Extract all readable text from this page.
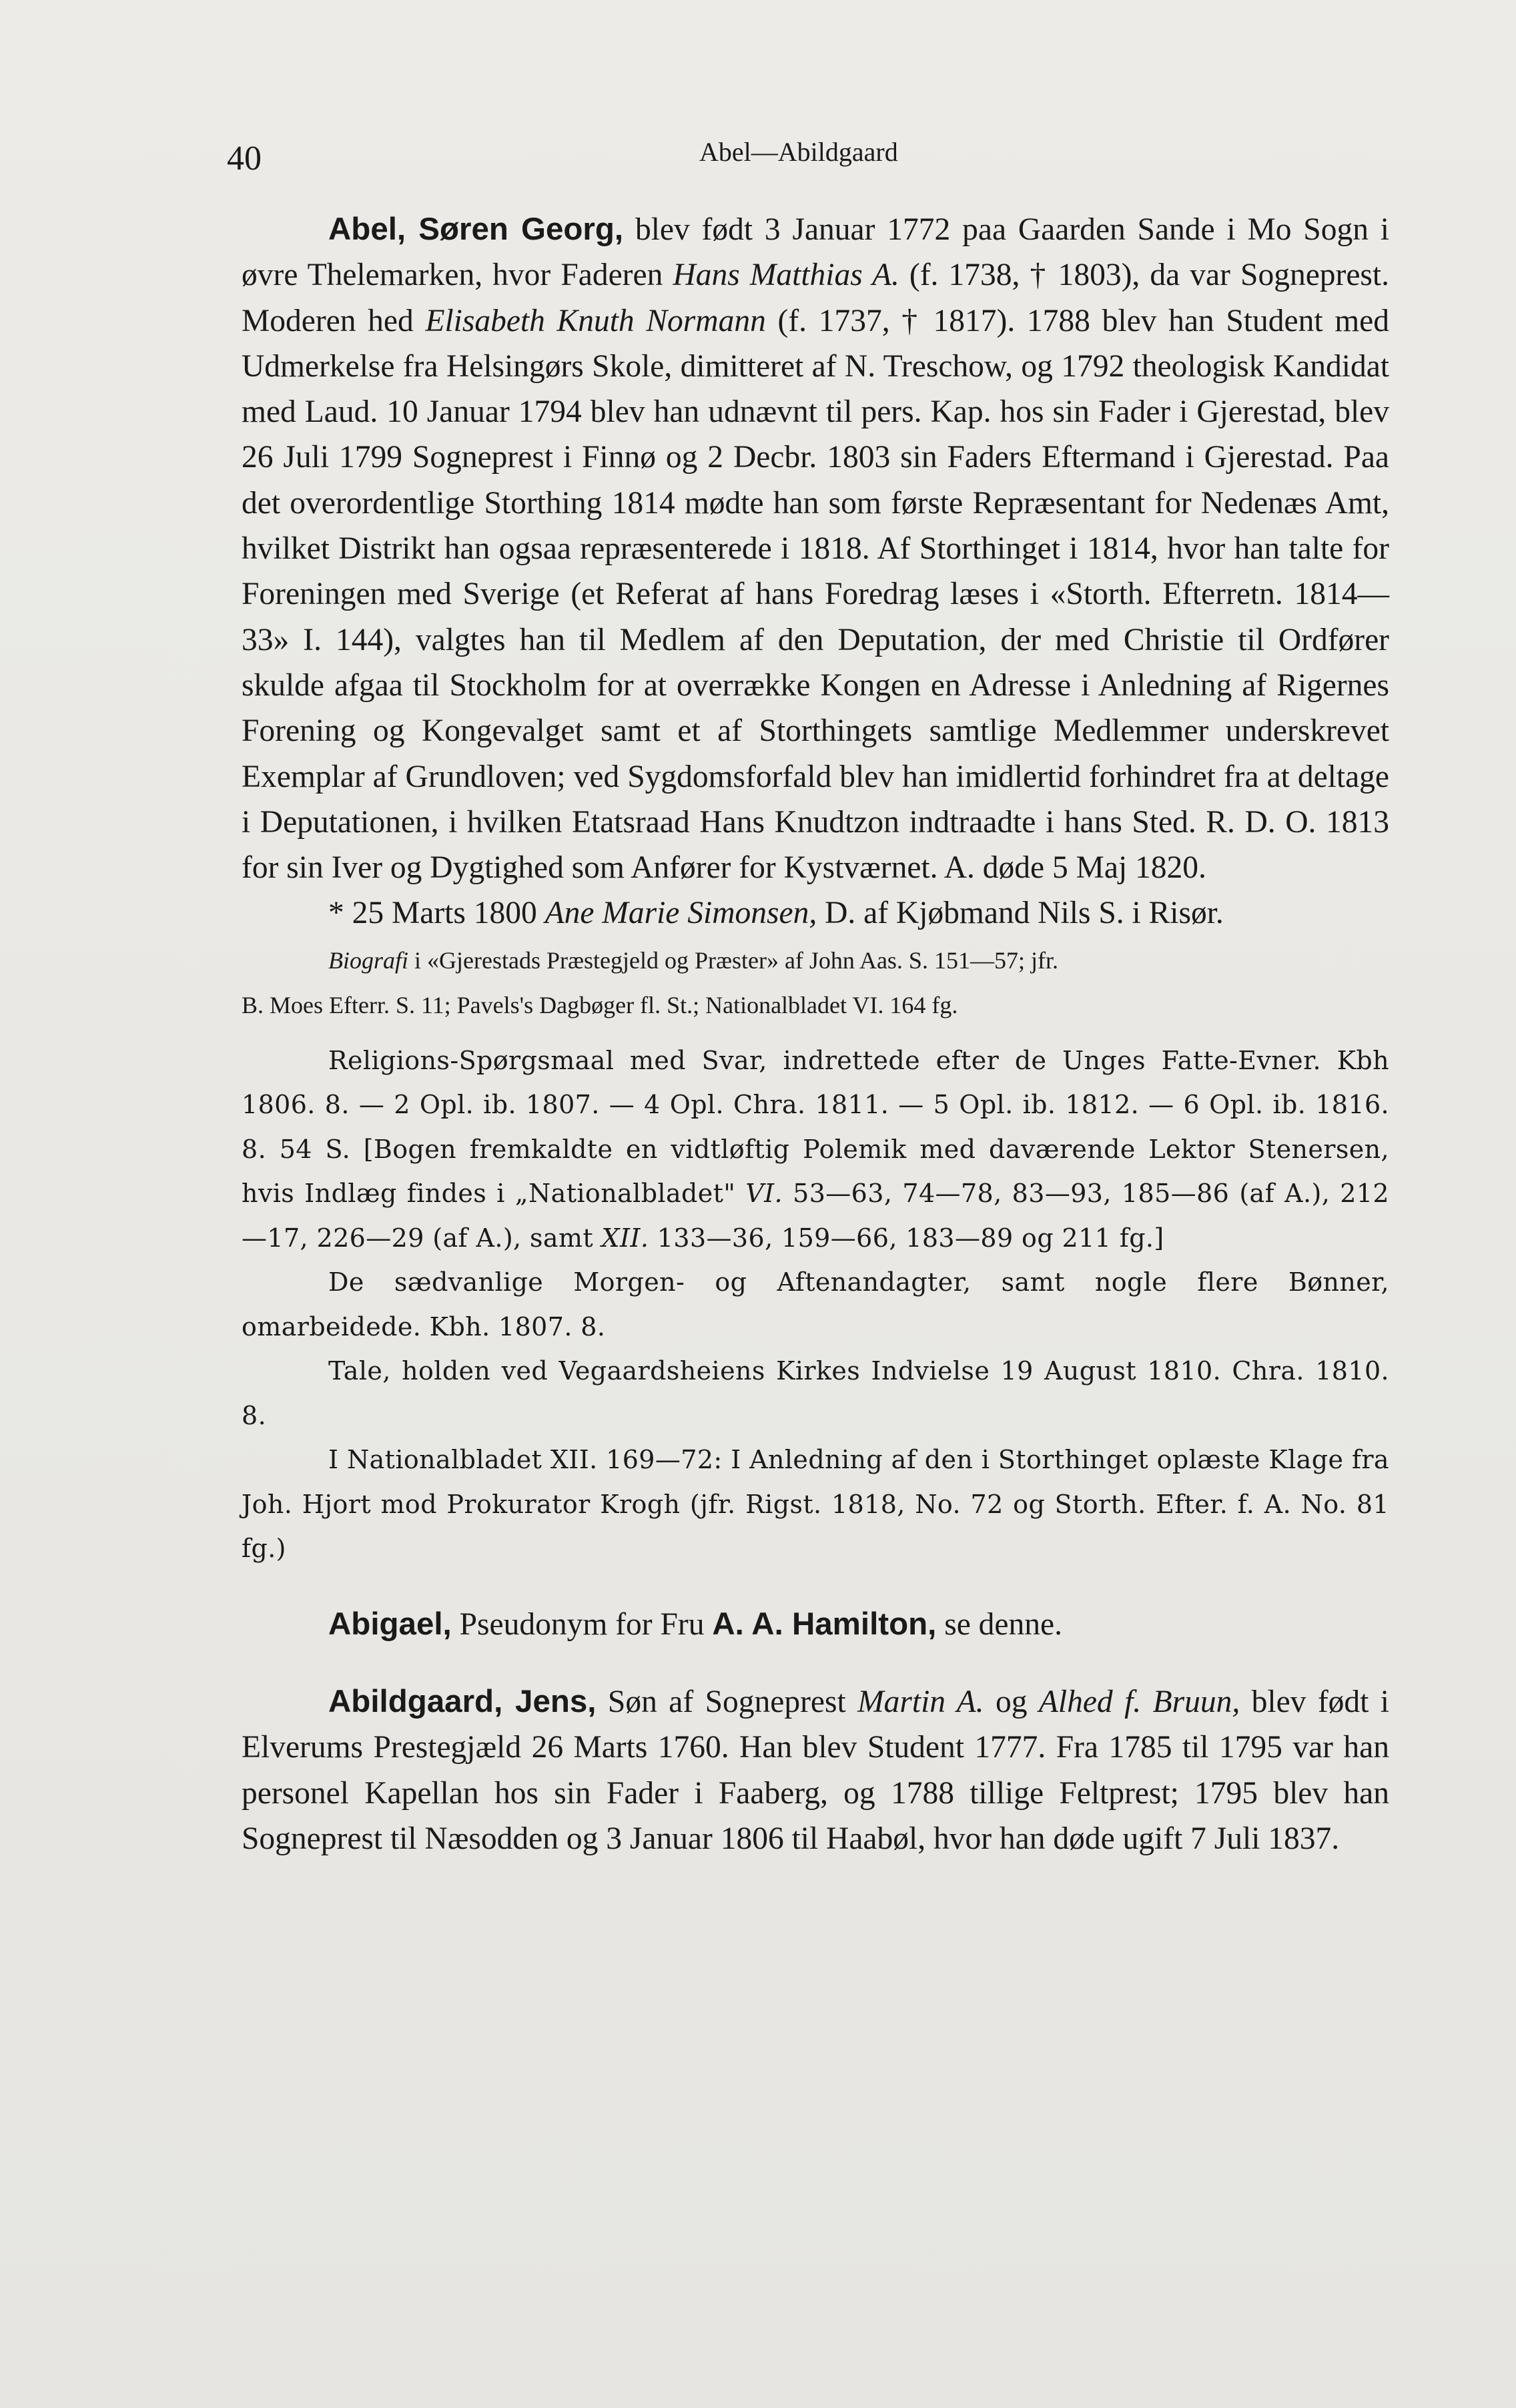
40	Abel—Abildgaard

Abel, Søren Georg, blev født 3 Januar 1772 paa Gaarden Sande i Mo Sogn i øvre Thelemarken, hvor Faderen Hans Matthias A. (f. 1738, † 1803), da var Sogneprest. Moderen hed Elisabeth Knuth Normann (f. 1737, † 1817). 1788 blev han Student med Udmerkelse fra Helsingørs Skole, dimitteret af N. Treschow, og 1792 theologisk Kandidat med Laud. 10 Januar 1794 blev han udnævnt til pers. Kap. hos sin Fader i Gjerestad, blev 26 Juli 1799 Sogneprest i Finnø og 2 Decbr. 1803 sin Faders Eftermand i Gjerestad. Paa det overordentlige Storthing 1814 mødte han som første Repræsentant for Nedenæs Amt, hvilket Distrikt han ogsaa repræsenterede i 1818. Af Storthinget i 1814, hvor han talte for Foreningen med Sverige (et Referat af hans Foredrag læses i «Storth. Efterretn. 1814—33» I. 144), valgtes han til Medlem af den Deputation, der med Christie til Ordfører skulde afgaa til Stockholm for at overrække Kongen en Adresse i Anledning af Rigernes Forening og Kongevalget samt et af Storthingets samtlige Medlemmer underskrevet Exemplar af Grundloven; ved Sygdomsforfald blev han imidlertid forhindret fra at deltage i Deputationen, i hvilken Etatsraad Hans Knudtzon indtraadte i hans Sted. R. D. O. 1813 for sin Iver og Dygtighed som Anfører for Kystværnet. A. døde 5 Maj 1820.

* 25 Marts 1800 Ane Marie Simonsen, D. af Kjøbmand Nils S. i Risør.

Biografi i «Gjerestads Præstegjeld og Præster» af John Aas. S. 151—57; jfr.

B. Moes Efterr. S. 11; Pavels's Dagbøger fl. St.; Nationalbladet VI. 164 fg.

Religions-Spørgsmaal med Svar, indrettede efter de Unges Fatte-Evner. Kbh 1806. 8. — 2 Opl. ib. 1807. — 4 Opl. Chra. 1811. — 5 Opl. ib. 1812. — 6 Opl. ib. 1816. 8. 54 S. [Bogen fremkaldte en vidtløftig Polemik med daværende Lektor Stenersen, hvis Indlæg findes i „Nationalbladet" VI. 53—63, 74—78, 83—93, 185—86 (af A.), 212—17, 226—29 (af A.), samt XII. 133—36, 159—66, 183—89 og 211 fg.]

De sædvanlige Morgen- og Aftenandagter, samt nogle flere Bønner, omarbeidede. Kbh. 1807. 8.

Tale, holden ved Vegaardsheiens Kirkes Indvielse 19 August 1810. Chra. 1810. 8.

I Nationalbladet XII. 169—72: I Anledning af den i Storthinget oplæste Klage fra Joh. Hjort mod Prokurator Krogh (jfr. Rigst. 1818, No. 72 og Storth. Efter. f. A. No. 81 fg.)

Abigael, Pseudonym for Fru A. A. Hamilton, se denne.

Abildgaard, Jens, Søn af Sogneprest Martin A. og Alhed f. Bruun, blev født i Elverums Prestegjæld 26 Marts 1760. Han blev Student 1777. Fra 1785 til 1795 var han personel Kapellan hos sin Fader i Faaberg, og 1788 tillige Feltprest; 1795 blev han Sogneprest til Næsodden og 3 Januar 1806 til Haabøl, hvor han døde ugift 7 Juli 1837.
